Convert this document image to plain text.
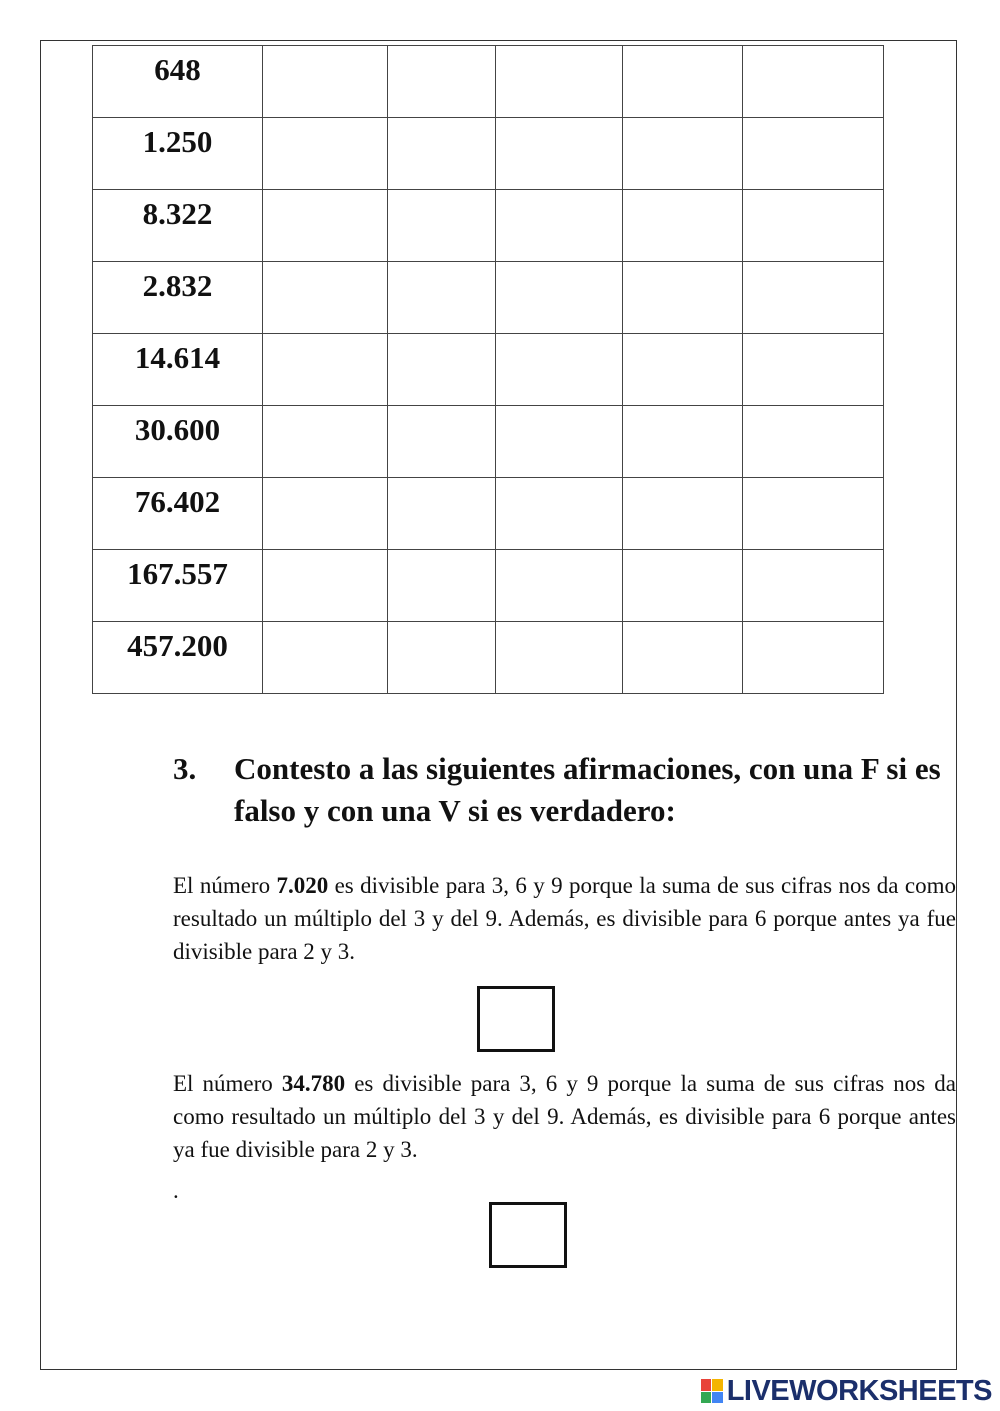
648					
1.250					
8.322					
2.832					
14.614					
30.600					
76.402					
167.557					
457.200					
3. Contesto a las siguientes afirmaciones, con una F si es falso y con una V si es verdadero:
El número 7.020 es divisible para 3, 6 y 9 porque la suma de sus cifras nos da como resultado un múltiplo del 3 y del 9. Además, es divisible para 6 porque antes ya fue divisible para 2 y 3.
El número 34.780 es divisible para 3, 6 y 9 porque la suma de sus cifras nos da como resultado un múltiplo del 3 y del 9. Además, es divisible para 6 porque antes ya fue divisible para 2 y 3.
.
LIVEWORKSHEETS
